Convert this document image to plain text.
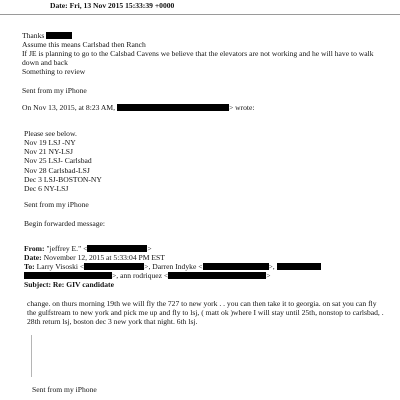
Date: Fri, 13 Nov 2015 15:33:39 +0000
Thanks
Assume this means Carlsbad then Ranch
If JE is planning to go to the Calsbad Cavens we believe that the elevators are not working and he will have to walk down and back
Something to review
Sent from my iPhone
On Nov 13, 2015, at 8:23 AM,	> wrote:
Please see below.
Nov 19 LSJ -NY
Nov 21 NY-LSJ
Nov 25 LSJ- Carlsbad
Nov 28 Carlsbad-LSJ
Dec 3 LSJ-BOSTON-NY
Dec 6 NY-LSJ
Sent from my iPhone
Begin forwarded message:
From: "jeffrey E." <	>
Date: November 12, 2015 at 5:33:04 PM EST
To: Larry Visoski <	>, Darren Indyke <	>,
>, ann rodriquez <	>
Subject: Re: GIV candidate
change. on thurs morning 19th we will fly the 727 to new york . . you can then take it to georgia. on sat you can fly the gulfstream to new york and pick me up and fly to lsj, ( matt ok )where I will stay until 25th, nonstop to carlsbad, . 28th return lsj, boston dec 3 new york that night. 6th lsj.
Sent from my iPhone
